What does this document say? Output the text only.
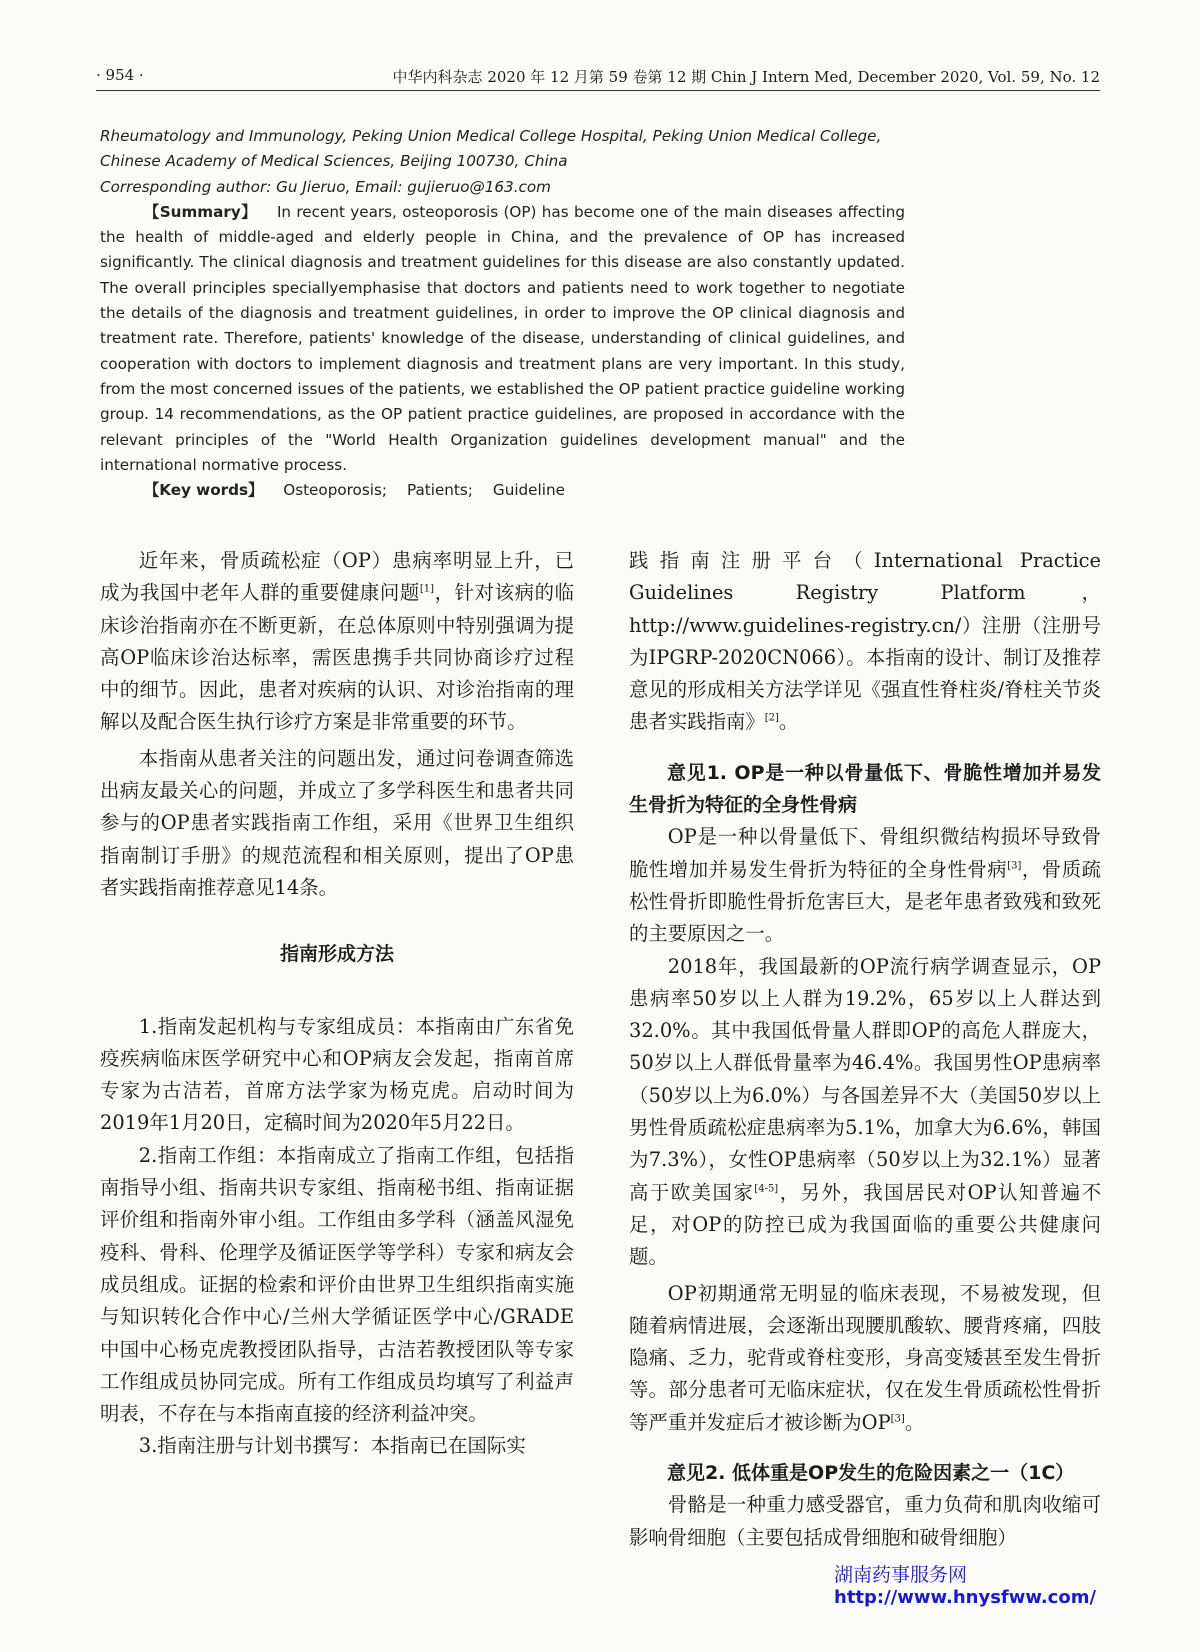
· 954 ·	中华内科杂志 2020 年 12 月第 59 卷第 12 期 Chin J Intern Med, December 2020, Vol. 59, No. 12

Rheumatology and Immunology, Peking Union Medical College Hospital, Peking Union Medical College,

Chinese Academy of Medical Sciences, Beijing 100730, China

Corresponding author: Gu Jieruo, Email: gujieruo@163.com

【Summary】 In recent years, osteoporosis (OP) has become one of the main diseases affecting the health of middle-aged and elderly people in China, and the prevalence of OP has increased significantly. The clinical diagnosis and treatment guidelines for this disease are also constantly updated. The overall principles speciallyemphasise that doctors and patients need to work together to negotiate the details of the diagnosis and treatment guidelines, in order to improve the OP clinical diagnosis and treatment rate. Therefore, patients' knowledge of the disease, understanding of clinical guidelines, and cooperation with doctors to implement diagnosis and treatment plans are very important. In this study, from the most concerned issues of the patients, we established the OP patient practice guideline working group. 14 recommendations, as the OP patient practice guidelines, are proposed in accordance with the relevant principles of the "World Health Organization guidelines development manual" and the international normative process.

【Key words】 Osteoporosis; Patients; Guideline

近年来，骨质疏松症（OP）患病率明显上升，已成为我国中老年人群的重要健康问题[1]，针对该病的临床诊治指南亦在不断更新，在总体原则中特别强调为提高OP临床诊治达标率，需医患携手共同协商诊疗过程中的细节。因此，患者对疾病的认识、对诊治指南的理解以及配合医生执行诊疗方案是非常重要的环节。

本指南从患者关注的问题出发，通过问卷调查筛选出病友最关心的问题，并成立了多学科医生和患者共同参与的OP患者实践指南工作组，采用《世界卫生组织指南制订手册》的规范流程和相关原则，提出了OP患者实践指南推荐意见14条。

指南形成方法

1.指南发起机构与专家组成员：本指南由广东省免疫疾病临床医学研究中心和OP病友会发起，指南首席专家为古洁若，首席方法学家为杨克虎。启动时间为2019年1月20日，定稿时间为2020年5月22日。

2.指南工作组：本指南成立了指南工作组，包括指南指导小组、指南共识专家组、指南秘书组、指南证据评价组和指南外审小组。工作组由多学科（涵盖风湿免疫科、骨科、伦理学及循证医学等学科）专家和病友会成员组成。证据的检索和评价由世界卫生组织指南实施与知识转化合作中心/兰州大学循证医学中心/GRADE中国中心杨克虎教授团队指导，古洁若教授团队等专家工作组成员协同完成。所有工作组成员均填写了利益声明表，不存在与本指南直接的经济利益冲突。

3.指南注册与计划书撰写：本指南已在国际实

践指南注册平台（International Practice Guidelines Registry Platform，http://www.guidelines-registry.cn/）注册（注册号为IPGRP-2020CN066）。本指南的设计、制订及推荐意见的形成相关方法学详见《强直性脊柱炎/脊柱关节炎患者实践指南》[2]。

意见1. OP是一种以骨量低下、骨脆性增加并易发生骨折为特征的全身性骨病

OP是一种以骨量低下、骨组织微结构损坏导致骨脆性增加并易发生骨折为特征的全身性骨病[3]，骨质疏松性骨折即脆性骨折危害巨大，是老年患者致残和致死的主要原因之一。

2018年，我国最新的OP流行病学调查显示，OP患病率50岁以上人群为19.2%，65岁以上人群达到32.0%。其中我国低骨量人群即OP的高危人群庞大，50岁以上人群低骨量率为46.4%。我国男性OP患病率（50岁以上为6.0%）与各国差异不大（美国50岁以上男性骨质疏松症患病率为5.1%，加拿大为6.6%，韩国为7.3%），女性OP患病率（50岁以上为32.1%）显著高于欧美国家[4-5]，另外，我国居民对OP认知普遍不足，对OP的防控已成为我国面临的重要公共健康问题。

OP初期通常无明显的临床表现，不易被发现，但随着病情进展，会逐渐出现腰肌酸软、腰背疼痛，四肢隐痛、乏力，驼背或脊柱变形，身高变矮甚至发生骨折等。部分患者可无临床症状，仅在发生骨质疏松性骨折等严重并发症后才被诊断为OP[3]。

意见2. 低体重是OP发生的危险因素之一（1C）

骨骼是一种重力感受器官，重力负荷和肌肉收缩可影响骨细胞（主要包括成骨细胞和破骨细胞）

湖南药事服务网
http://www.hnysfww.com/
